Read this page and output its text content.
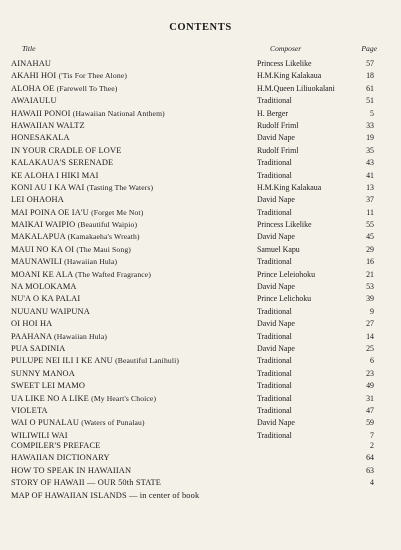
CONTENTS
Title	Composer	Page
AINAHAU	Princess Likelike	57
AKAHI HOI ('Tis For Thee Alone)	H.M.King Kalakaua	18
ALOHA OE (Farewell To Thee)	H.M.Queen Liliuokalani	61
AWAIAULU	Traditional	51
HAWAII PONOI (Hawaiian National Anthem)	H. Berger	5
HAWAIIAN WALTZ	Rudolf Friml	33
HONESAKALA	David Nape	19
IN YOUR CRADLE OF LOVE	Rudolf Friml	35
KALAKAUA'S SERENADE	Traditional	43
KE ALOHA I HIKI MAI	Traditional	41
KONI AU I KA WAI (Tasting The Waters)	H.M.King Kalakaua	13
LEI OHAOHA	David Nape	37
MAI POINA OE IA'U (Forget Me Not)	Traditional	11
MAIKAI WAIPIO (Beautiful Waipio)	Princess Likelike	55
MAKALAPUA (Kamakaeha's Wreath)	David Nape	45
MAUI NO KA OI (The Maui Song)	Samuel Kapu	29
MAUNAWILI (Hawaiian Hula)	Traditional	16
MOANI KE ALA (The Wafted Fragrance)	Prince Leleiohoku	21
NA MOLOKAMA	David Nape	53
NU'A O KA PALAI	Prince Lelichoku	39
NUUANU WAIPUNA	Traditional	9
OI HOI HA	David Nape	27
PAAHANA (Hawaiian Hula)	Traditional	14
PUA SADINIA	David Nape	25
PULUPE NEI ILI I KE ANU (Beautiful Lanihuli)	Traditional	6
SUNNY MANOA	Traditional	23
SWEET LEI MAMO	Traditional	49
UA LIKE NO A LIKE (My Heart's Choice)	Traditional	31
VIOLETA	Traditional	47
WAI O PUNALAU (Waters of Punalau)	David Nape	59
WILIWILI WAI	Traditional	7
COMPILER'S PREFACE	2
HAWAIIAN DICTIONARY	64
HOW TO SPEAK IN HAWAIIAN	63
STORY OF HAWAII — OUR 50th STATE	4
MAP OF HAWAIIAN ISLANDS — in center of book
